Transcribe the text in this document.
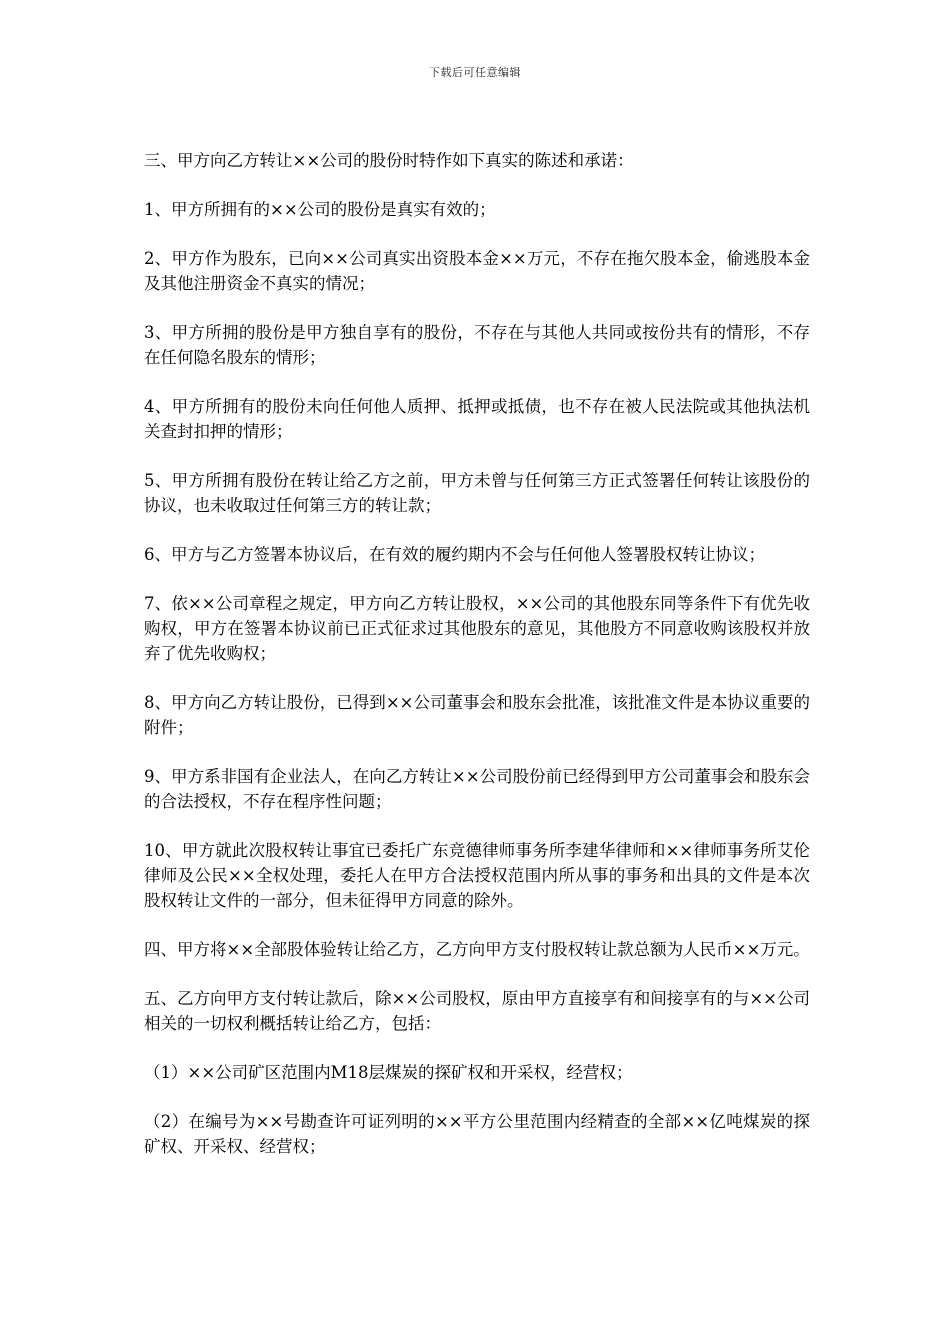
下载后可任意编辑

三、甲方向乙方转让××公司的股份时特作如下真实的陈述和承诺：

1、甲方所拥有的××公司的股份是真实有效的；

2、甲方作为股东，已向××公司真实出资股本金××万元，不存在拖欠股本金，偷逃股本金及其他注册资金不真实的情况；

3、甲方所拥的股份是甲方独自享有的股份，不存在与其他人共同或按份共有的情形，不存在任何隐名股东的情形；

4、甲方所拥有的股份未向任何他人质押、抵押或抵债，也不存在被人民法院或其他执法机关查封扣押的情形；

5、甲方所拥有股份在转让给乙方之前，甲方未曾与任何第三方正式签署任何转让该股份的协议，也未收取过任何第三方的转让款；

6、甲方与乙方签署本协议后，在有效的履约期内不会与任何他人签署股权转让协议；

7、依××公司章程之规定，甲方向乙方转让股权，××公司的其他股东同等条件下有优先收购权，甲方在签署本协议前已正式征求过其他股东的意见，其他股方不同意收购该股权并放弃了优先收购权；

8、甲方向乙方转让股份，已得到××公司董事会和股东会批准，该批准文件是本协议重要的附件；

9、甲方系非国有企业法人，在向乙方转让××公司股份前已经得到甲方公司董事会和股东会的合法授权，不存在程序性问题；

10、甲方就此次股权转让事宜已委托广东竞德律师事务所李建华律师和××律师事务所艾伦律师及公民××全权处理，委托人在甲方合法授权范围内所从事的事务和出具的文件是本次股权转让文件的一部分，但未征得甲方同意的除外。

四、甲方将××全部股体验转让给乙方，乙方向甲方支付股权转让款总额为人民币××万元。

五、乙方向甲方支付转让款后，除××公司股权，原由甲方直接享有和间接享有的与××公司相关的一切权利概括转让给乙方，包括：

（1）××公司矿区范围内M18层煤炭的探矿权和开采权，经营权；

（2）在编号为××号勘查许可证列明的××平方公里范围内经精查的全部××亿吨煤炭的探矿权、开采权、经营权；
